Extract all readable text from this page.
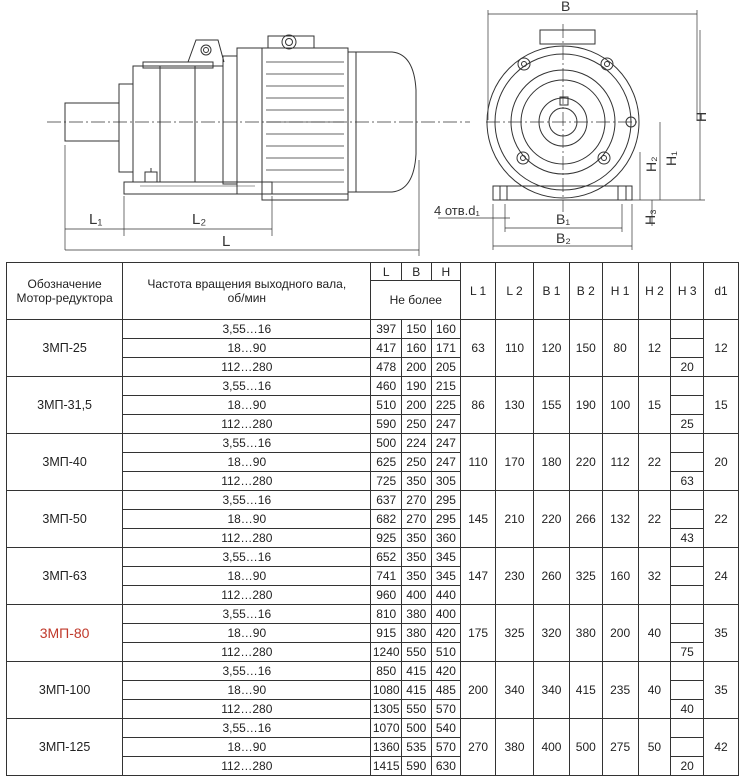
L₁	L₂
L
B
H
H₁
H₂
H₃
B₁
B₂
4 отв.d₁
Обозначение Мотор-редуктора	Частота вращения выходного вала, об/мин	L	B	H	L 1	L 2	B 1	B 2	H 1	H 2	H 3	d1
		Не более										
3МП-25	3,55…16	397	150	160	63	110	120	150	80	12		12
	18…90	417	160	171								
	112…280	478	200	205							20	
3МП-31,5	3,55…16	460	190	215	86	130	155	190	100	15		15
	18…90	510	200	225								
	112…280	590	250	247							25	
3МП-40	3,55…16	500	224	247	110	170	180	220	112	22		20
	18…90	625	250	247								
	112…280	725	350	305							63	
3МП-50	3,55…16	637	270	295	145	210	220	266	132	22		22
	18…90	682	270	295								
	112…280	925	350	360							43	
3МП-63	3,55…16	652	350	345	147	230	260	325	160	32		24
	18…90	741	350	345								
	112…280	960	400	440								
3МП-80	3,55…16	810	380	400	175	325	320	380	200	40		35
	18…90	915	380	420								
	112…280	1240	550	510							75	
3МП-100	3,55…16	850	415	420	200	340	340	415	235	40		35
	18…90	1080	415	485								
	112…280	1305	550	570							40	
3МП-125	3,55…16	1070	500	540	270	380	400	500	275	50		42
	18…90	1360	535	570								
	112…280	1415	590	630							20	
